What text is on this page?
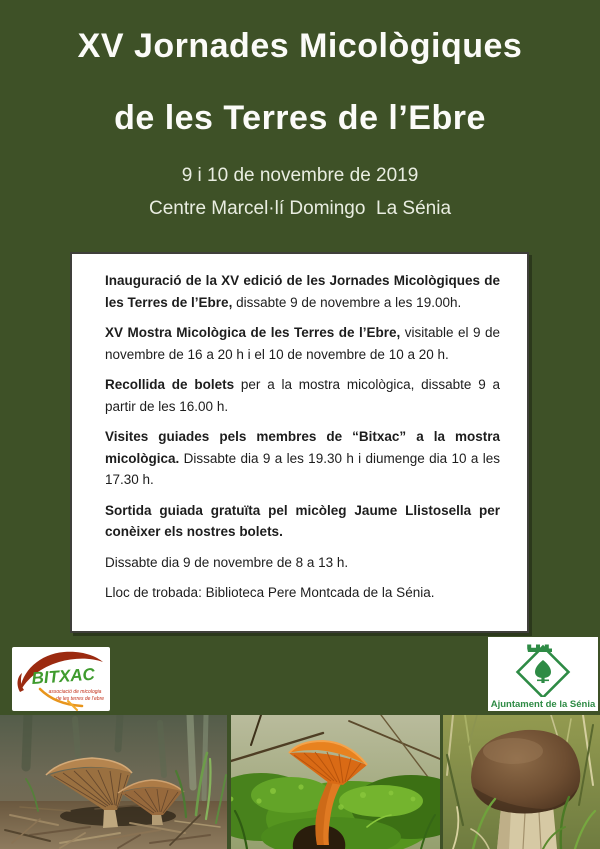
XV Jornades Micològiques
de les Terres de l’Ebre
9 i 10 de novembre de 2019
Centre Marcel·lí Domingo  La Sénia

Inauguració de la XV edició de les Jornades Micològiques de les Terres de l’Ebre, dissabte 9 de novembre a les 19.00h.

XV Mostra Micològica de les Terres de l’Ebre, visitable el 9 de novembre de 16 a 20 h i el 10 de novembre de 10 a 20 h.

Recollida de bolets per a la mostra micològica, dissabte 9 a partir de les 16.00 h.

Visites guiades pels membres de “Bitxac” a la mostra micològica. Dissabte dia 9 a les 19.30 h i diumenge dia 10 a les 17.30 h.

Sortida guiada gratuïta pel micòleg Jaume Llistosella per conèixer els nostres bolets.

Dissabte dia 9 de novembre de 8 a 13 h.

Lloc de trobada: Biblioteca Pere Montcada de la Sénia.

BITXAC
associació de micologia
de les terres de l’ebre	Ajuntament de la Sénia
